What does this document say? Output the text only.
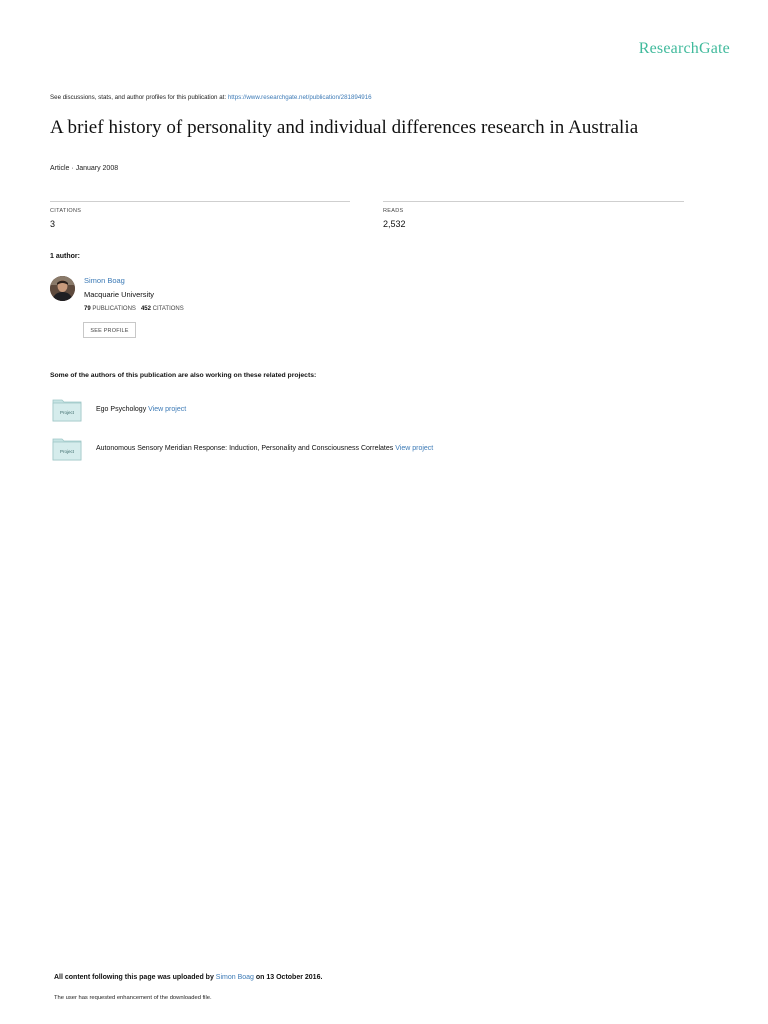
ResearchGate
See discussions, stats, and author profiles for this publication at: https://www.researchgate.net/publication/281894916
A brief history of personality and individual differences research in Australia
Article · January 2008
CITATIONS
3
READS
2,532
1 author:
Simon Boag
Macquarie University
79 PUBLICATIONS 452 CITATIONS
SEE PROFILE
Some of the authors of this publication are also working on these related projects:
Project	Ego Psychology View project
Project	Autonomous Sensory Meridian Response: Induction, Personality and Consciousness Correlates View project
All content following this page was uploaded by Simon Boag on 13 October 2016.
The user has requested enhancement of the downloaded file.
